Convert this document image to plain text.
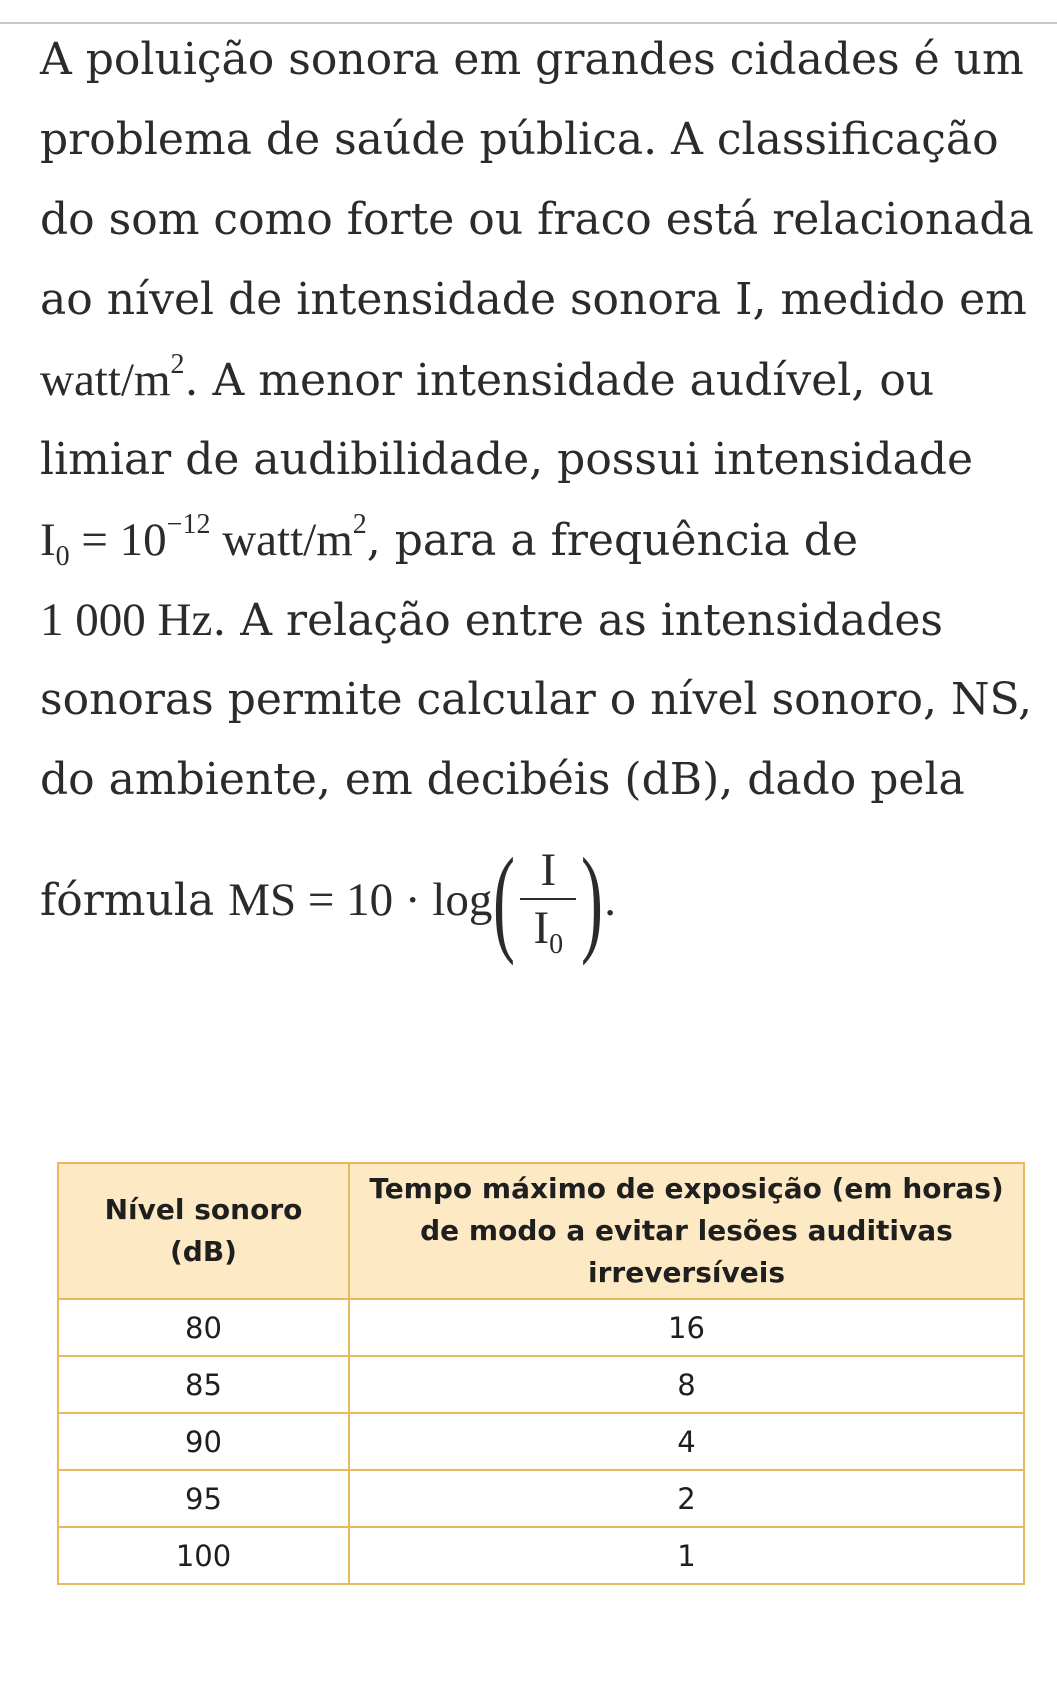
A poluição sonora em grandes cidades é um
problema de saúde pública. A classificação
do som como forte ou fraco está relacionada
ao nível de intensidade sonora I, medido em
watt/$m^2$. A menor intensidade audível, ou
limiar de audibilidade, possui intensidade
$I_0 = 10^{-12}$ watt/$m^2$, para a frequência de
1 000 Hz. A relação entre as intensidades
sonoras permite calcular o nível sonoro, NS,
do ambiente, em decibéis (dB), dado pela
fórmula MS = 10 · log ( $\frac{I}{I_0}$ ) .
Nível sonoro (dB)	Tempo máximo de exposição (em horas) de modo a evitar lesões auditivas irreversíveis
80	16
85	8
90	4
95	2
100	1
